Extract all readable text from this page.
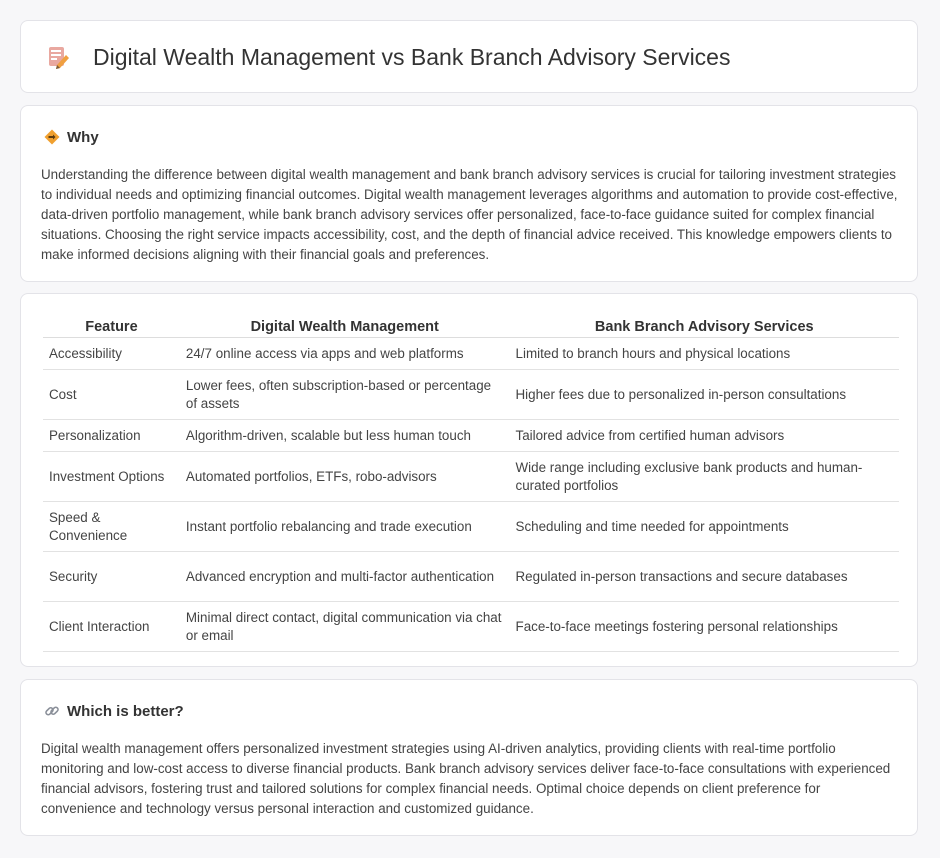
Digital Wealth Management vs Bank Branch Advisory Services
Why

Understanding the difference between digital wealth management and bank branch advisory services is crucial for tailoring investment strategies to individual needs and optimizing financial outcomes. Digital wealth management leverages algorithms and automation to provide cost-effective, data-driven portfolio management, while bank branch advisory services offer personalized, face-to-face guidance suited for complex financial situations. Choosing the right service impacts accessibility, cost, and the depth of financial advice received. This knowledge empowers clients to make informed decisions aligning with their financial goals and preferences.

Feature	Digital Wealth Management	Bank Branch Advisory Services
Accessibility	24/7 online access via apps and web platforms	Limited to branch hours and physical locations
Cost	Lower fees, often subscription-based or percentage of assets	Higher fees due to personalized in-person consultations
Personalization	Algorithm-driven, scalable but less human touch	Tailored advice from certified human advisors
Investment Options	Automated portfolios, ETFs, robo-advisors	Wide range including exclusive bank products and human-curated portfolios
Speed & Convenience	Instant portfolio rebalancing and trade execution	Scheduling and time needed for appointments
Security	Advanced encryption and multi-factor authentication	Regulated in-person transactions and secure databases
Client Interaction	Minimal direct contact, digital communication via chat or email	Face-to-face meetings fostering personal relationships
Which is better?

Digital wealth management offers personalized investment strategies using AI-driven analytics, providing clients with real-time portfolio monitoring and low-cost access to diverse financial products. Bank branch advisory services deliver face-to-face consultations with experienced financial advisors, fostering trust and tailored solutions for complex financial needs. Optimal choice depends on client preference for convenience and technology versus personal interaction and customized guidance.
